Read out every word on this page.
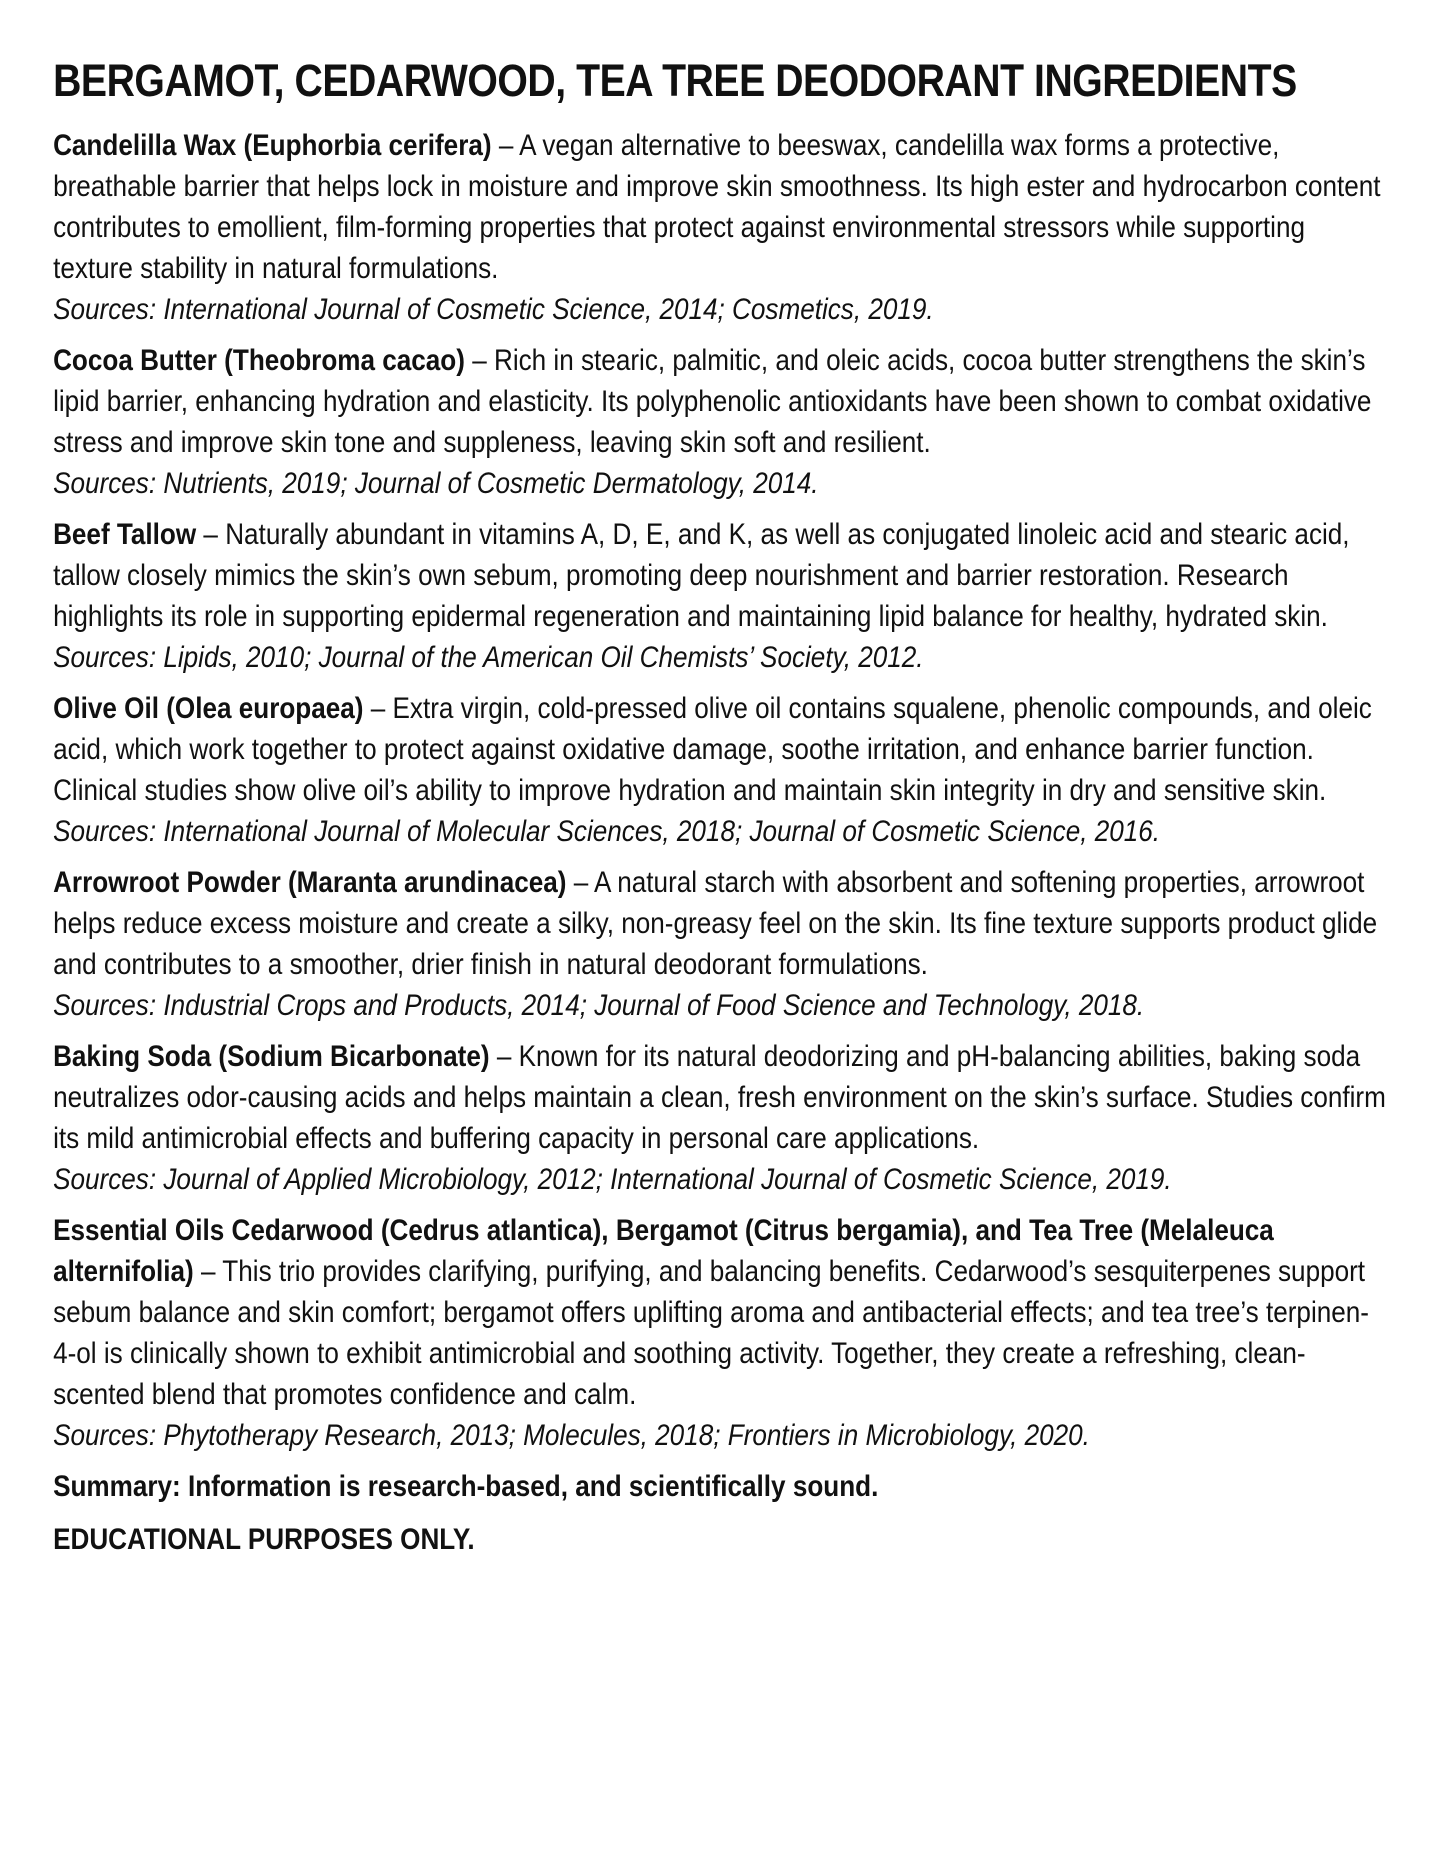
BERGAMOT, CEDARWOOD, TEA TREE DEODORANT INGREDIENTS

Candelilla Wax (Euphorbia cerifera) – A vegan alternative to beeswax, candelilla wax forms a protective, breathable barrier that helps lock in moisture and improve skin smoothness. Its high ester and hydrocarbon content contributes to emollient, film-forming properties that protect against environmental stressors while supporting texture stability in natural formulations.
Sources: International Journal of Cosmetic Science, 2014; Cosmetics, 2019.

Cocoa Butter (Theobroma cacao) – Rich in stearic, palmitic, and oleic acids, cocoa butter strengthens the skin’s lipid barrier, enhancing hydration and elasticity. Its polyphenolic antioxidants have been shown to combat oxidative stress and improve skin tone and suppleness, leaving skin soft and resilient.
Sources: Nutrients, 2019; Journal of Cosmetic Dermatology, 2014.

Beef Tallow – Naturally abundant in vitamins A, D, E, and K, as well as conjugated linoleic acid and stearic acid, tallow closely mimics the skin’s own sebum, promoting deep nourishment and barrier restoration. Research highlights its role in supporting epidermal regeneration and maintaining lipid balance for healthy, hydrated skin.
Sources: Lipids, 2010; Journal of the American Oil Chemists’ Society, 2012.

Olive Oil (Olea europaea) – Extra virgin, cold-pressed olive oil contains squalene, phenolic compounds, and oleic acid, which work together to protect against oxidative damage, soothe irritation, and enhance barrier function. Clinical studies show olive oil’s ability to improve hydration and maintain skin integrity in dry and sensitive skin.
Sources: International Journal of Molecular Sciences, 2018; Journal of Cosmetic Science, 2016.

Arrowroot Powder (Maranta arundinacea) – A natural starch with absorbent and softening properties, arrowroot helps reduce excess moisture and create a silky, non-greasy feel on the skin. Its fine texture supports product glide and contributes to a smoother, drier finish in natural deodorant formulations.
Sources: Industrial Crops and Products, 2014; Journal of Food Science and Technology, 2018.

Baking Soda (Sodium Bicarbonate) – Known for its natural deodorizing and pH-balancing abilities, baking soda neutralizes odor-causing acids and helps maintain a clean, fresh environment on the skin’s surface. Studies confirm its mild antimicrobial effects and buffering capacity in personal care applications.
Sources: Journal of Applied Microbiology, 2012; International Journal of Cosmetic Science, 2019.

Essential Oils Cedarwood (Cedrus atlantica), Bergamot (Citrus bergamia), and Tea Tree (Melaleuca alternifolia) – This trio provides clarifying, purifying, and balancing benefits. Cedarwood’s sesquiterpenes support sebum balance and skin comfort; bergamot offers uplifting aroma and antibacterial effects; and tea tree’s terpinen-4-ol is clinically shown to exhibit antimicrobial and soothing activity. Together, they create a refreshing, clean-scented blend that promotes confidence and calm.
Sources: Phytotherapy Research, 2013; Molecules, 2018; Frontiers in Microbiology, 2020.

Summary: Information is research-based, and scientifically sound.

EDUCATIONAL PURPOSES ONLY.
